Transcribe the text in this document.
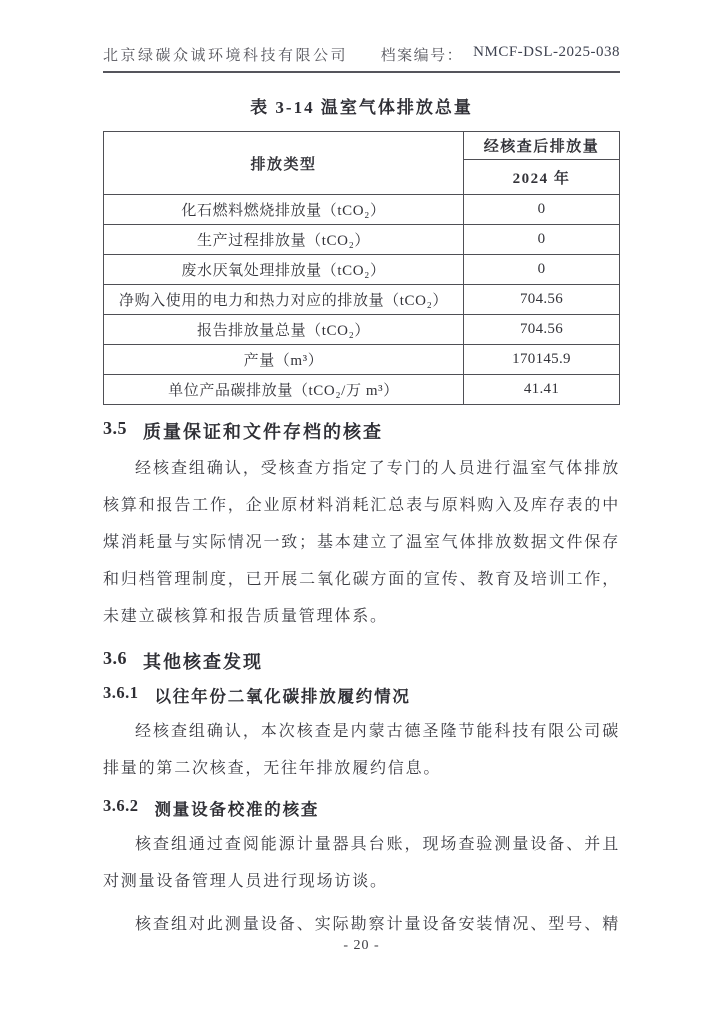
北京绿碳众诚环境科技有限公司 档案编号： NMCF-DSL-2025-038
表 3-14 温室气体排放总量
排放类型	经核查后排放量
	2024 年
化石燃料燃烧排放量（tCO₂）	0
生产过程排放量（tCO₂）	0
废水厌氧处理排放量（tCO₂）	0
净购入使用的电力和热力对应的排放量（tCO₂）	704.56
报告排放量总量（tCO₂）	704.56
产量（m³）	170145.9
单位产品碳排放量（tCO₂/万 m³）	41.41
3.5 质量保证和文件存档的核查

经核查组确认，受核查方指定了专门的人员进行温室气体排放核算和报告工作，企业原材料消耗汇总表与原料购入及库存表的中煤消耗量与实际情况一致；基本建立了温室气体排放数据文件保存和归档管理制度，已开展二氧化碳方面的宣传、教育及培训工作，未建立碳核算和报告质量管理体系。

3.6 其他核查发现
3.6.1 以往年份二氧化碳排放履约情况

经核查组确认，本次核查是内蒙古德圣隆节能科技有限公司碳排量的第二次核查，无往年排放履约信息。

3.6.2 测量设备校准的核查

核查组通过查阅能源计量器具台账，现场查验测量设备、并且对测量设备管理人员进行现场访谈。

核查组对此测量设备、实际勘察计量设备安装情况、型号、精

- 20 -
